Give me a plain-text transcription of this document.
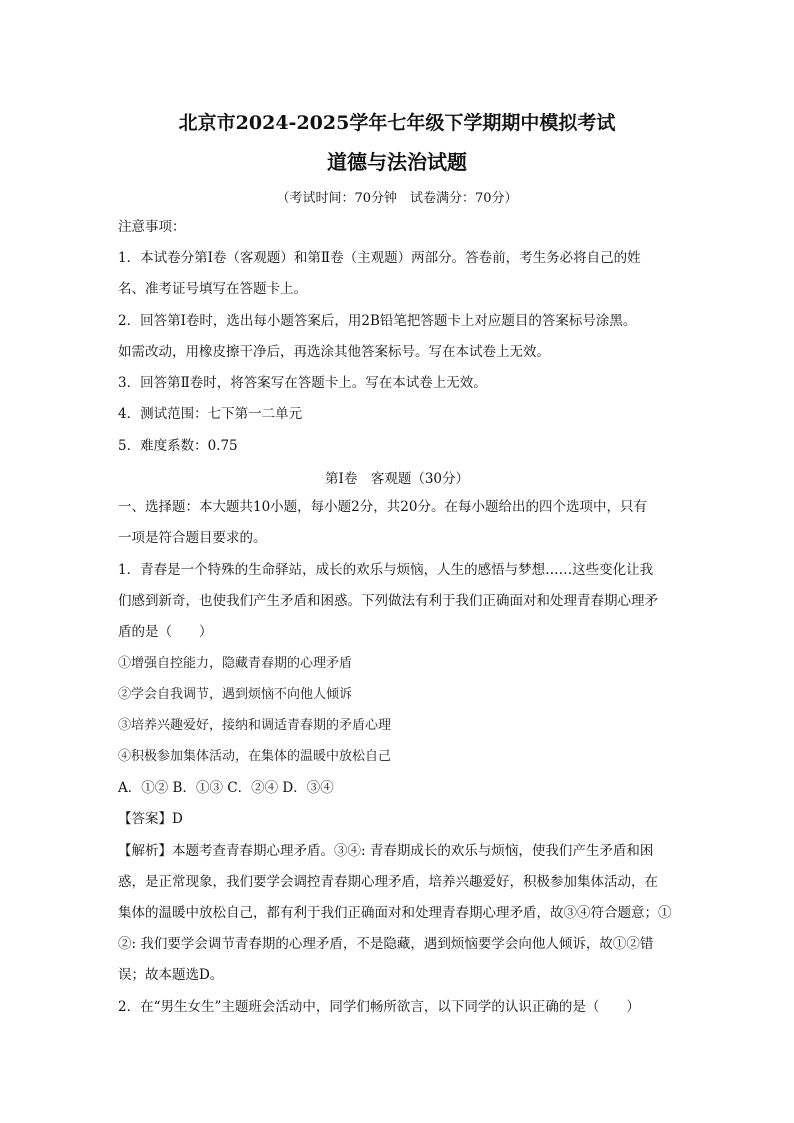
北京市2024-2025学年七年级下学期期中模拟考试
道德与法治试题
（考试时间：70分钟　试卷满分：70分）
注意事项：
1．本试卷分第Ⅰ卷（客观题）和第Ⅱ卷（主观题）两部分。答卷前，考生务必将自己的姓
名、准考证号填写在答题卡上。
2．回答第Ⅰ卷时，选出每小题答案后，用2B铅笔把答题卡上对应题目的答案标号涂黑。
如需改动，用橡皮擦干净后，再选涂其他答案标号。写在本试卷上无效。
3．回答第Ⅱ卷时，将答案写在答题卡上。写在本试卷上无效。
4．测试范围：七下第一二单元
5．难度系数：0.75
第Ⅰ卷　客观题（30分）
一、选择题：本大题共10小题，每小题2分，共20分。在每小题给出的四个选项中，只有
一项是符合题目要求的。
1．青春是一个特殊的生命驿站，成长的欢乐与烦恼，人生的感悟与梦想……这些变化让我
们感到新奇，也使我们产生矛盾和困惑。下列做法有利于我们正确面对和处理青春期心理矛
盾的是（　　）
①增强自控能力，隐藏青春期的心理矛盾
②学会自我调节，遇到烦恼不向他人倾诉
③培养兴趣爱好，接纳和调适青春期的矛盾心理
④积极参加集体活动，在集体的温暖中放松自己
A．①② B．①③ C．②④ D．③④
【答案】D
【解析】本题考查青春期心理矛盾。③④: 青春期成长的欢乐与烦恼，使我们产生矛盾和困
惑，是正常现象，我们要学会调控青春期心理矛盾，培养兴趣爱好，积极参加集体活动，在
集体的温暖中放松自己，都有利于我们正确面对和处理青春期心理矛盾，故③④符合题意；①
②: 我们要学会调节青春期的心理矛盾，不是隐藏，遇到烦恼要学会向他人倾诉，故①②错
误；故本题选D。
2．在“男生女生”主题班会活动中，同学们畅所欲言，以下同学的认识正确的是（　　）
